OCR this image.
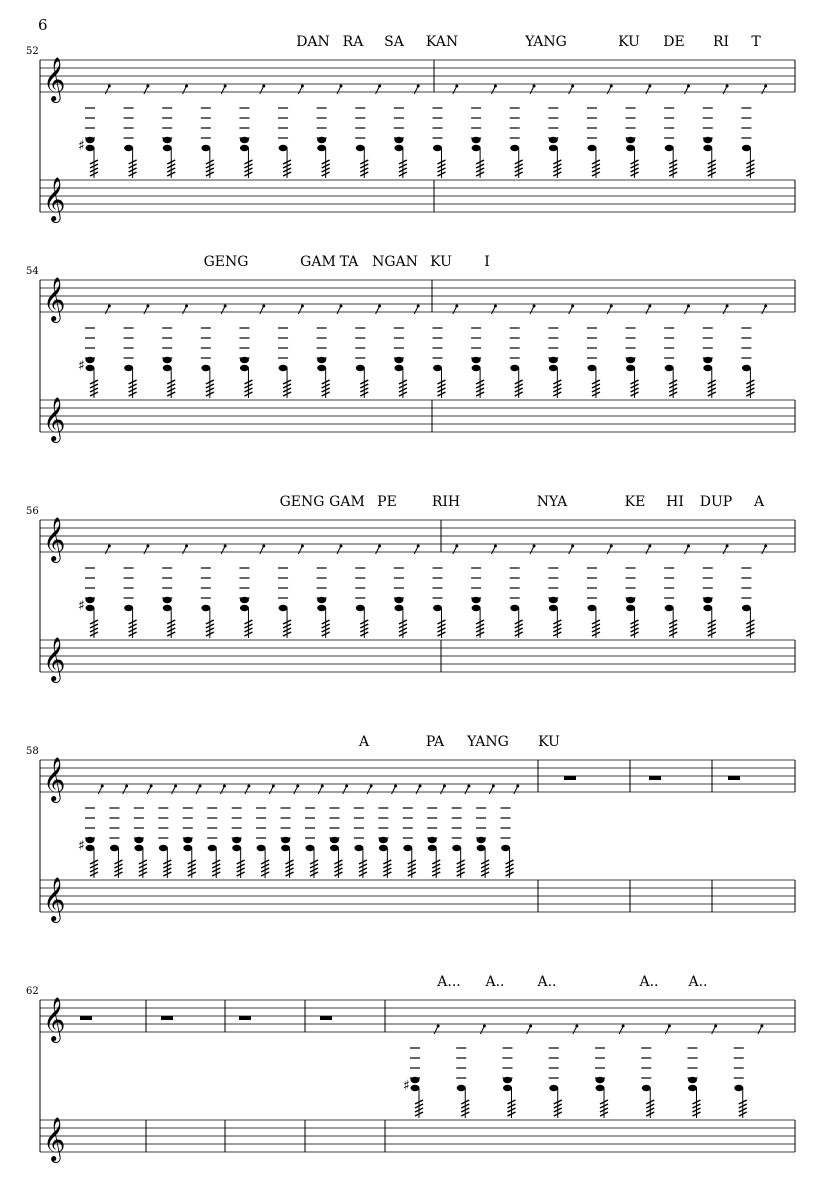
6
𝄞
𝄞
52
DAN RA SA KAN	YANG	KU DE RI T
♯
𝄞
𝄞
54
GENG	GAM TA NGAN KU I
♯
𝄞
𝄞
56
GENG GAM PE	RIH	NYA	KE HI DUP A
♯
𝄞
𝄞
58
A	PA YANG KU
♯
𝄞
𝄞
62
A... A.. A..	A.. A..
♯
